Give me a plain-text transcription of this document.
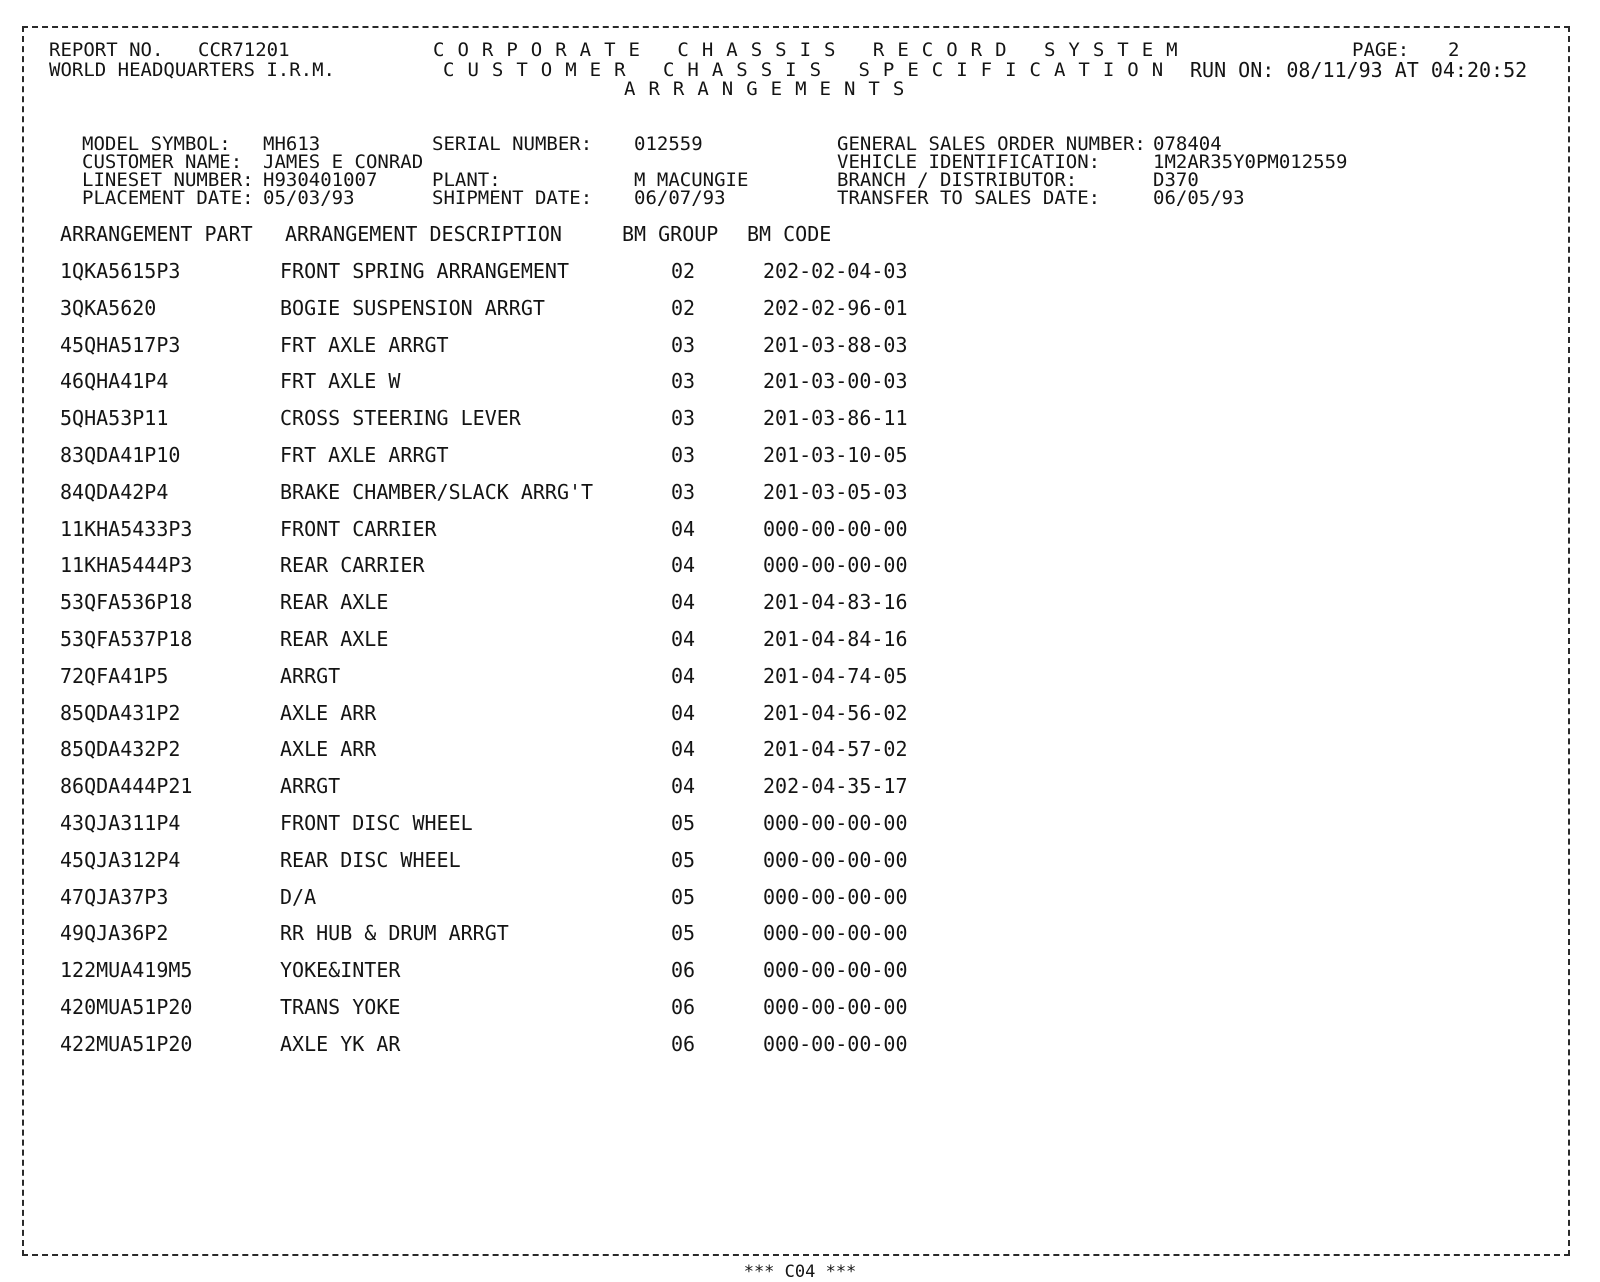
REPORT NO. CCR71201
WORLD HEADQUARTERS I.R.M.
CORPORATE CHASSIS RECORD SYSTEM
CUSTOMER CHASSIS SPECIFICATION
ARRANGEMENTS
PAGE: 2
RUN ON: 08/11/93 AT 04:20:52
MODEL SYMBOL: MH613
CUSTOMER NAME: JAMES E CONRAD
LINESET NUMBER: H930401007
PLACEMENT DATE: 05/03/93
SERIAL NUMBER: 012559
PLANT:	M MACUNGIE
SHIPMENT DATE: 06/07/93
GENERAL SALES ORDER NUMBER: 078404
VEHICLE IDENTIFICATION:	1M2AR35Y0PM012559
BRANCH / DISTRIBUTOR:	D370
TRANSFER TO SALES DATE:	06/05/93
ARRANGEMENT PART ARRANGEMENT DESCRIPTION	BM GROUP BM CODE
1QKA5615P3	FRONT SPRING ARRANGEMENT	02	202-02-04-03
3QKA5620	BOGIE SUSPENSION ARRGT	02	202-02-96-01
45QHA517P3	FRT AXLE ARRGT	03	201-03-88-03
46QHA41P4	FRT AXLE W	03	201-03-00-03
5QHA53P11	CROSS STEERING LEVER	03	201-03-86-11
83QDA41P10	FRT AXLE ARRGT	03	201-03-10-05
84QDA42P4	BRAKE CHAMBER/SLACK ARRG'T	03	201-03-05-03
11KHA5433P3	FRONT CARRIER	04	000-00-00-00
11KHA5444P3	REAR CARRIER	04	000-00-00-00
53QFA536P18	REAR AXLE	04	201-04-83-16
53QFA537P18	REAR AXLE	04	201-04-84-16
72QFA41P5	ARRGT	04	201-04-74-05
85QDA431P2	AXLE ARR	04	201-04-56-02
85QDA432P2	AXLE ARR	04	201-04-57-02
86QDA444P21	ARRGT	04	202-04-35-17
43QJA311P4	FRONT DISC WHEEL	05	000-00-00-00
45QJA312P4	REAR DISC WHEEL	05	000-00-00-00
47QJA37P3	D/A	05	000-00-00-00
49QJA36P2	RR HUB & DRUM ARRGT	05	000-00-00-00
122MUA419M5	YOKE&INTER	06	000-00-00-00
420MUA51P20	TRANS YOKE	06	000-00-00-00
422MUA51P20	AXLE YK AR	06	000-00-00-00
*** C04 ***
